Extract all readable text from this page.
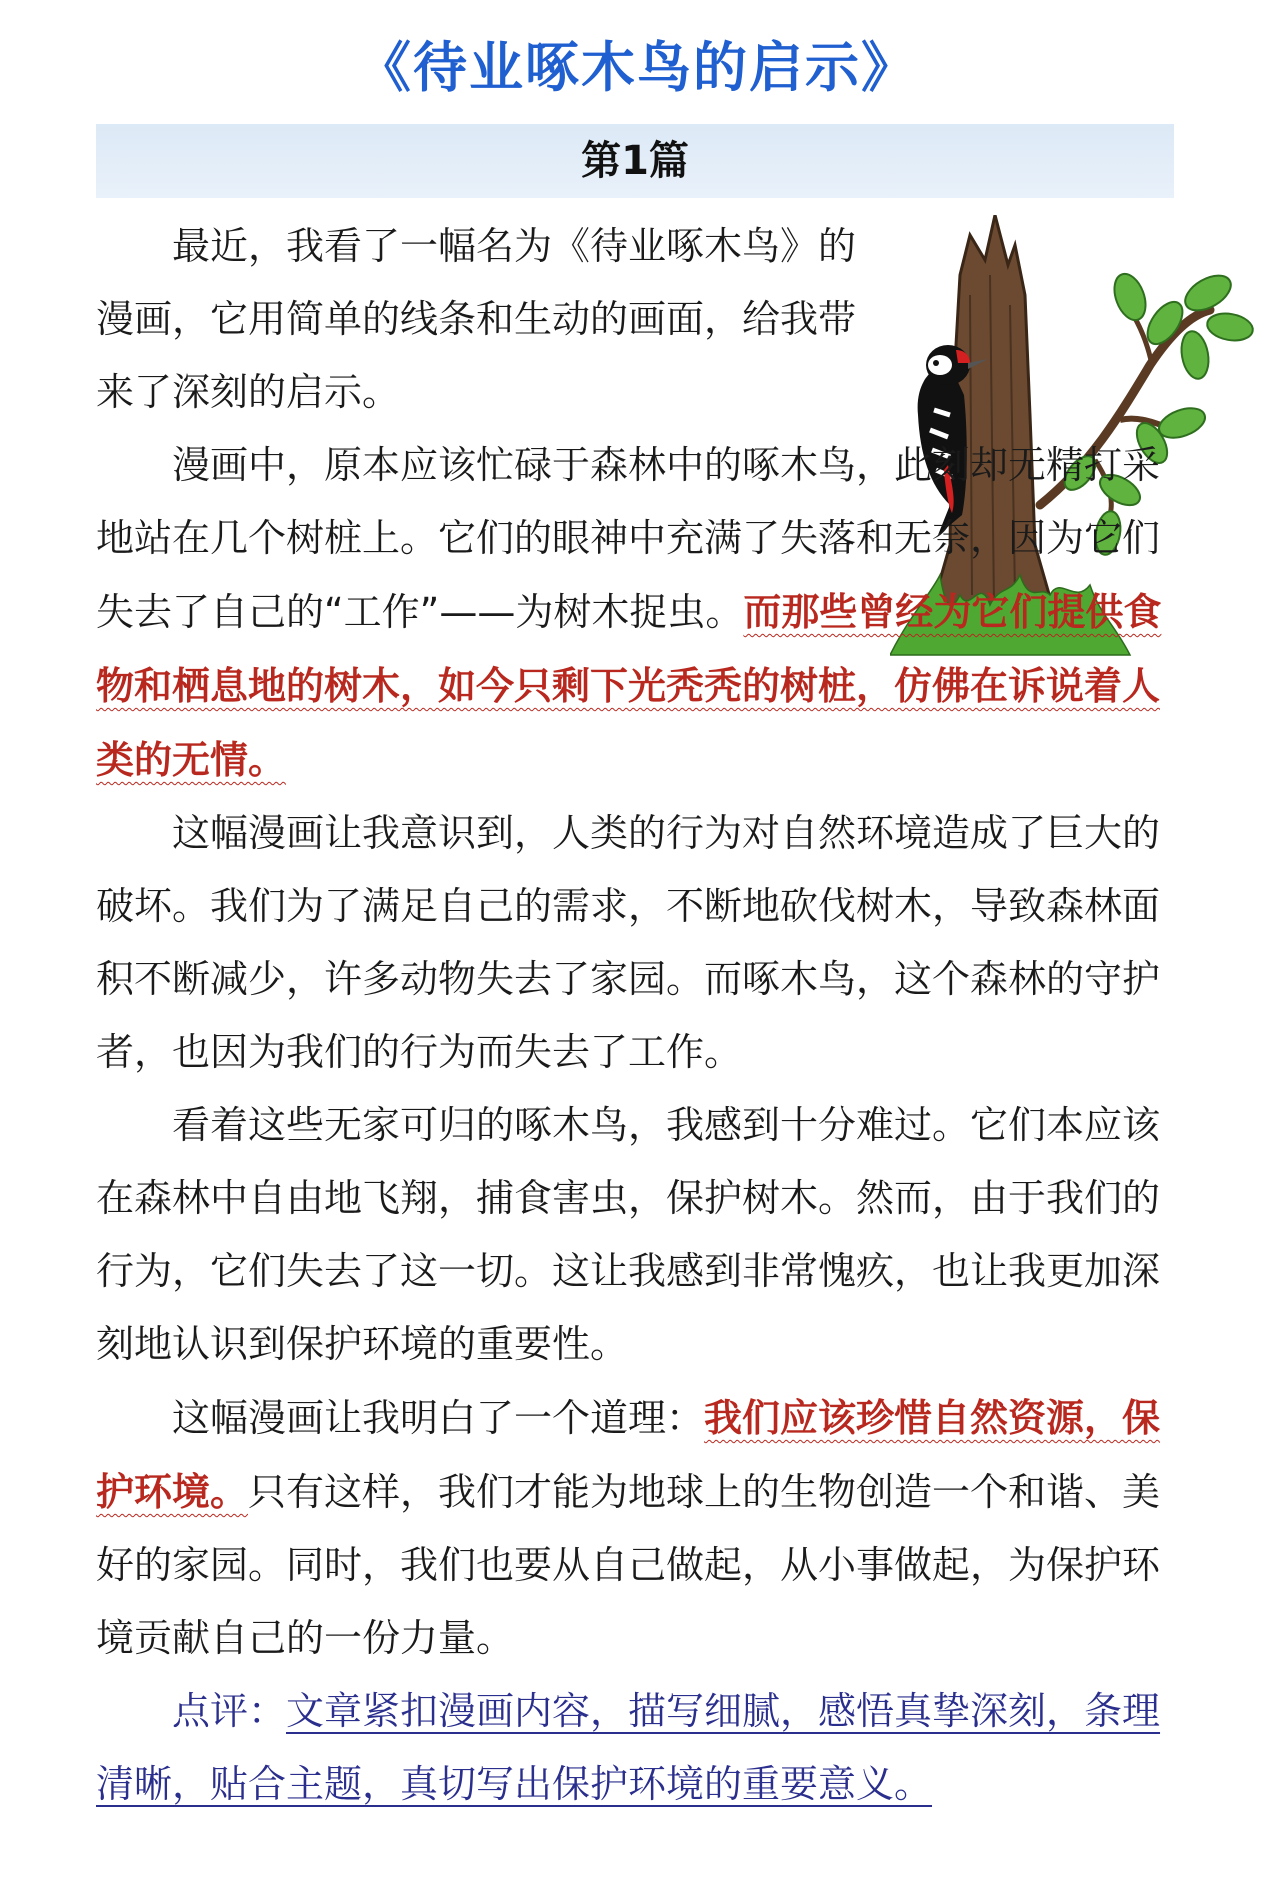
《待业啄木鸟的启示》
第1篇

最近，我看了一幅名为《待业啄木鸟》的漫画，它用简单的线条和生动的画面，给我带来了深刻的启示。

漫画中，原本应该忙碌于森林中的啄木鸟，此刻却无精打采地站在几个树桩上。它们的眼神中充满了失落和无奈，因为它们失去了自己的“工作”——为树木捉虫。而那些曾经为它们提供食物和栖息地的树木，如今只剩下光秃秃的树桩，仿佛在诉说着人类的无情。

这幅漫画让我意识到，人类的行为对自然环境造成了巨大的破坏。我们为了满足自己的需求，不断地砍伐树木，导致森林面积不断减少，许多动物失去了家园。而啄木鸟，这个森林的守护者，也因为我们的行为而失去了工作。

看着这些无家可归的啄木鸟，我感到十分难过。它们本应该在森林中自由地飞翔，捕食害虫，保护树木。然而，由于我们的行为，它们失去了这一切。这让我感到非常愧疚，也让我更加深刻地认识到保护环境的重要性。

这幅漫画让我明白了一个道理：我们应该珍惜自然资源，保护环境。只有这样，我们才能为地球上的生物创造一个和谐、美好的家园。同时，我们也要从自己做起，从小事做起，为保护环境贡献自己的一份力量。

点评：文章紧扣漫画内容，描写细腻，感悟真挚深刻，条理清晰，贴合主题，真切写出保护环境的重要意义。
